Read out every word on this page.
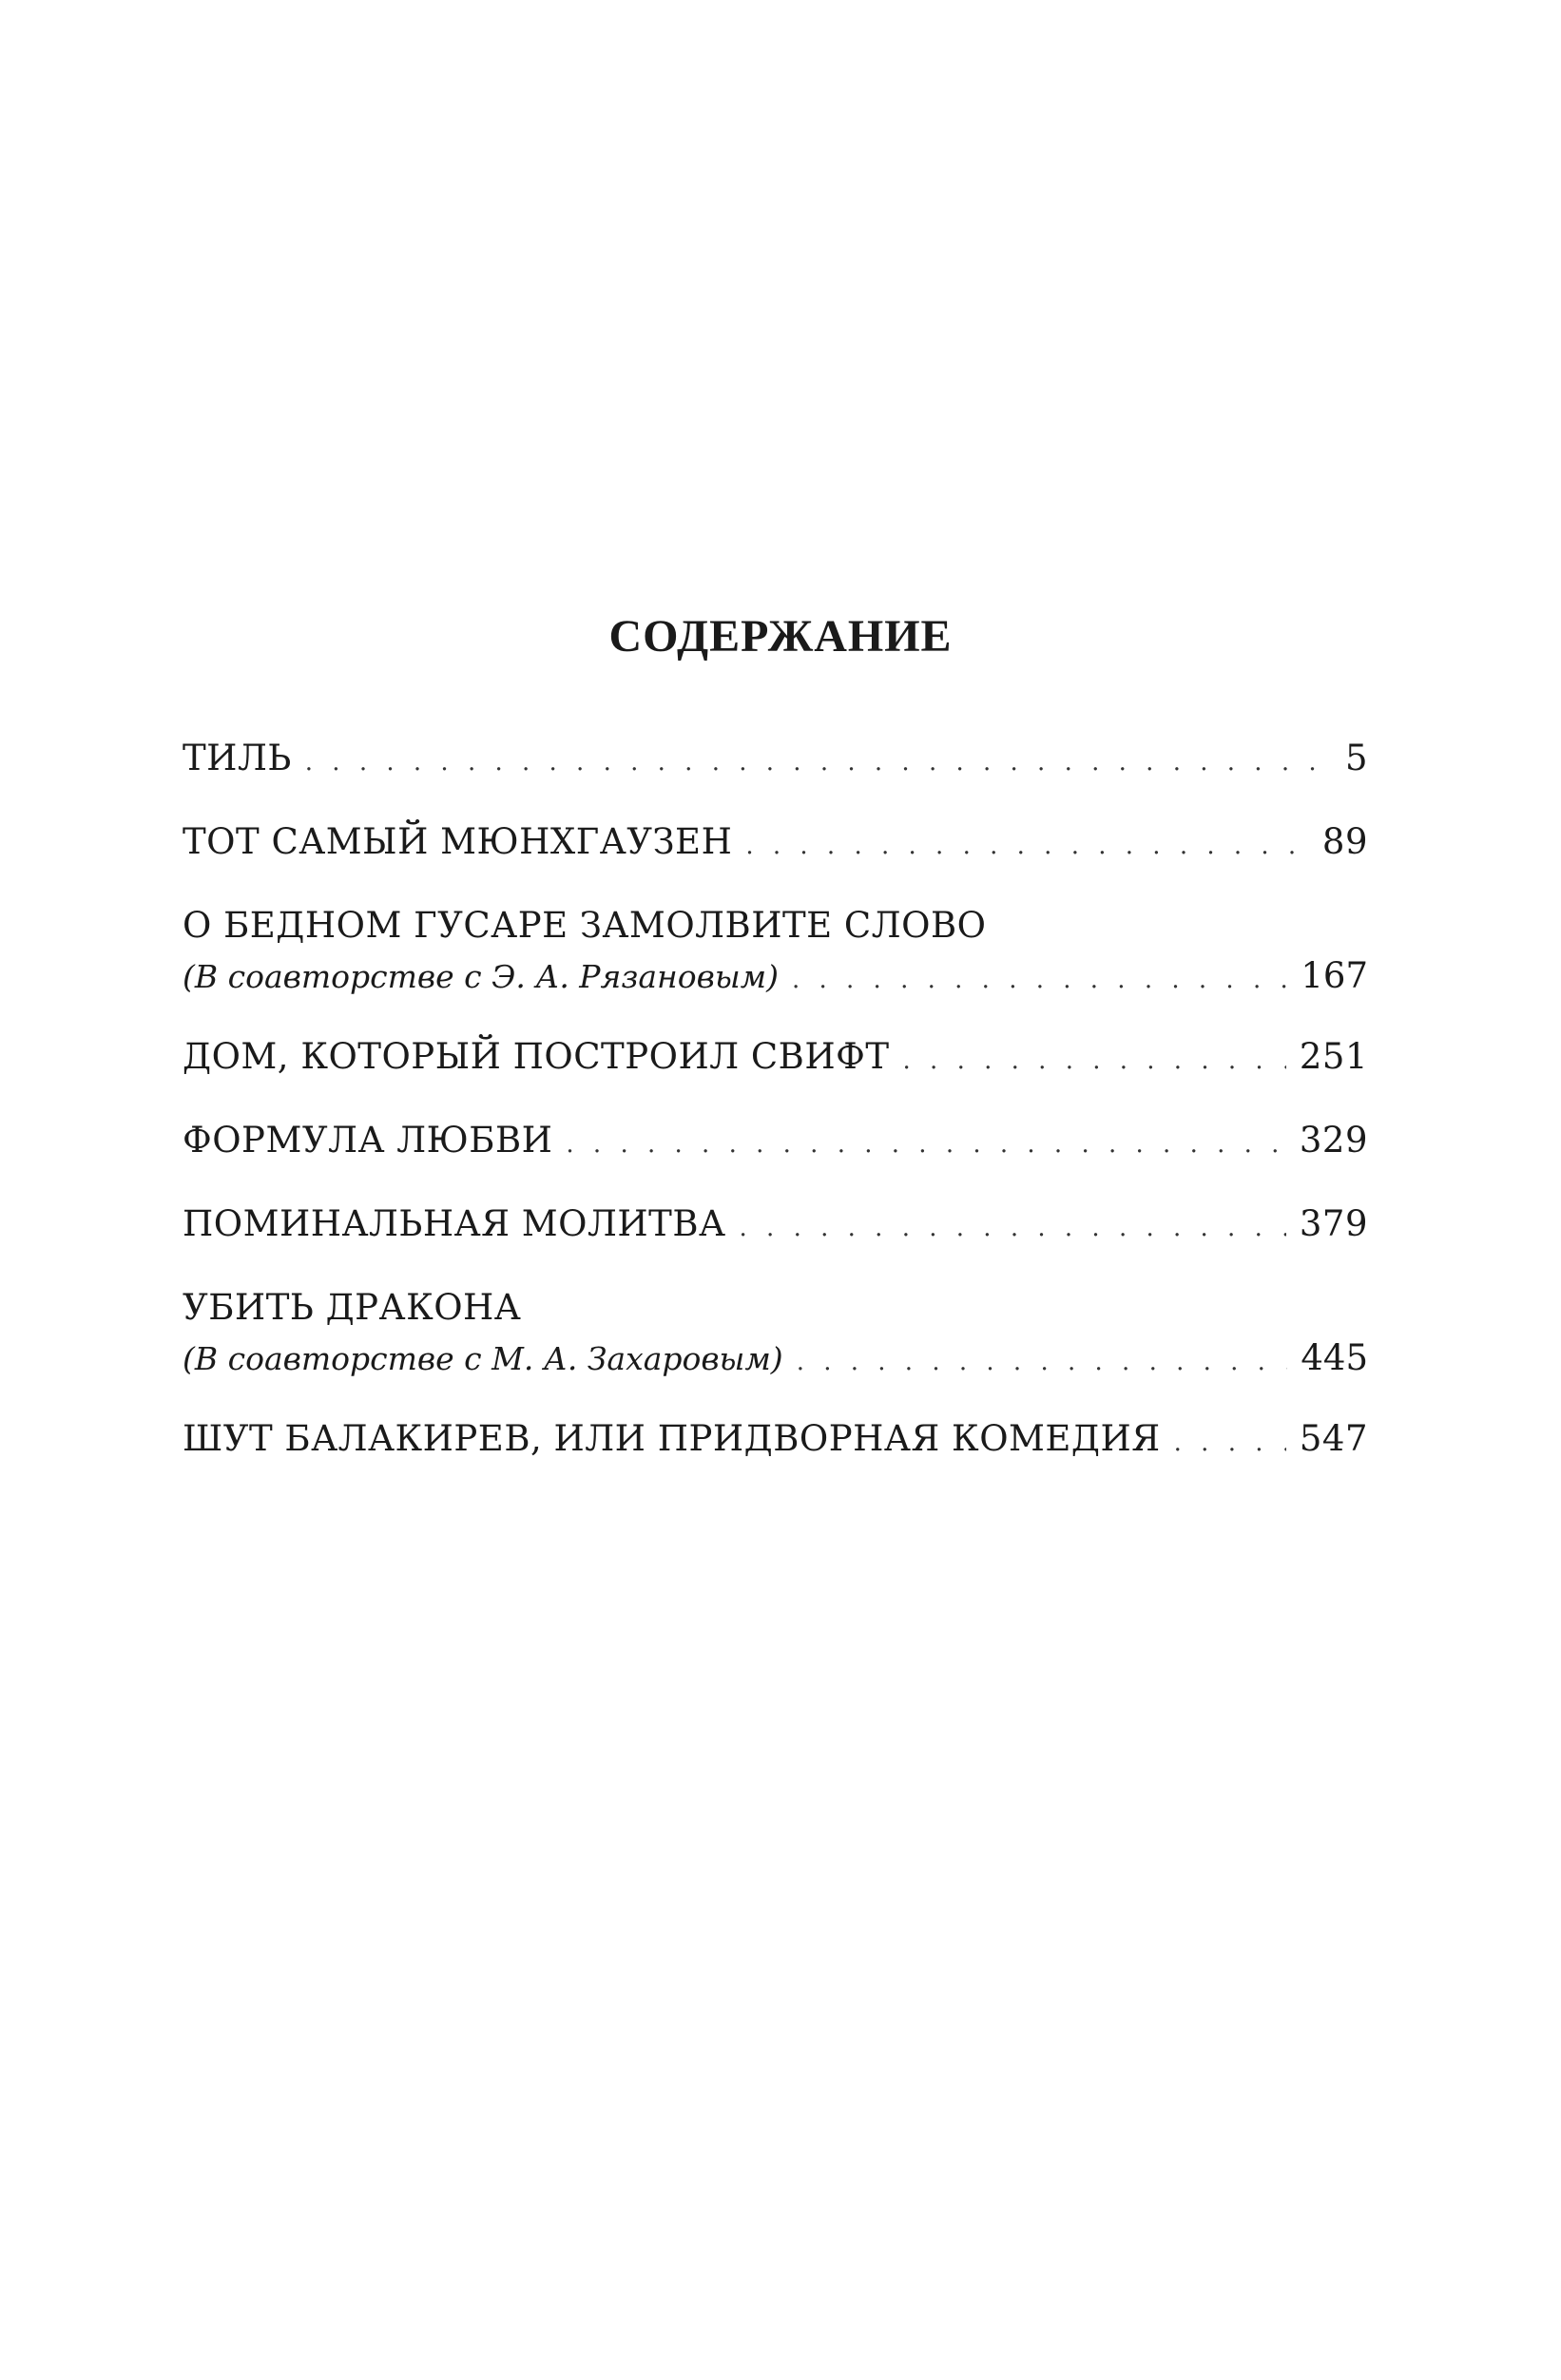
СОДЕРЖАНИЕ
ТИЛЬ . . .	5
ТОТ САМЫЙ МЮНХГАУЗЕН . . .	89
О БЕДНОМ ГУСАРЕ ЗАМОЛВИТЕ СЛОВО
(В соавторстве с Э. А. Рязановым) . . .	167
ДОМ, КОТОРЫЙ ПОСТРОИЛ СВИФТ . . .	251
ФОРМУЛА ЛЮБВИ . . .	329
ПОМИНАЛЬНАЯ МОЛИТВА . . .	379
УБИТЬ ДРАКОНА
(В соавторстве с М. А. Захаровым) . . .	445
ШУТ БАЛАКИРЕВ, ИЛИ ПРИДВОРНАЯ КОМЕДИЯ . . .	547
